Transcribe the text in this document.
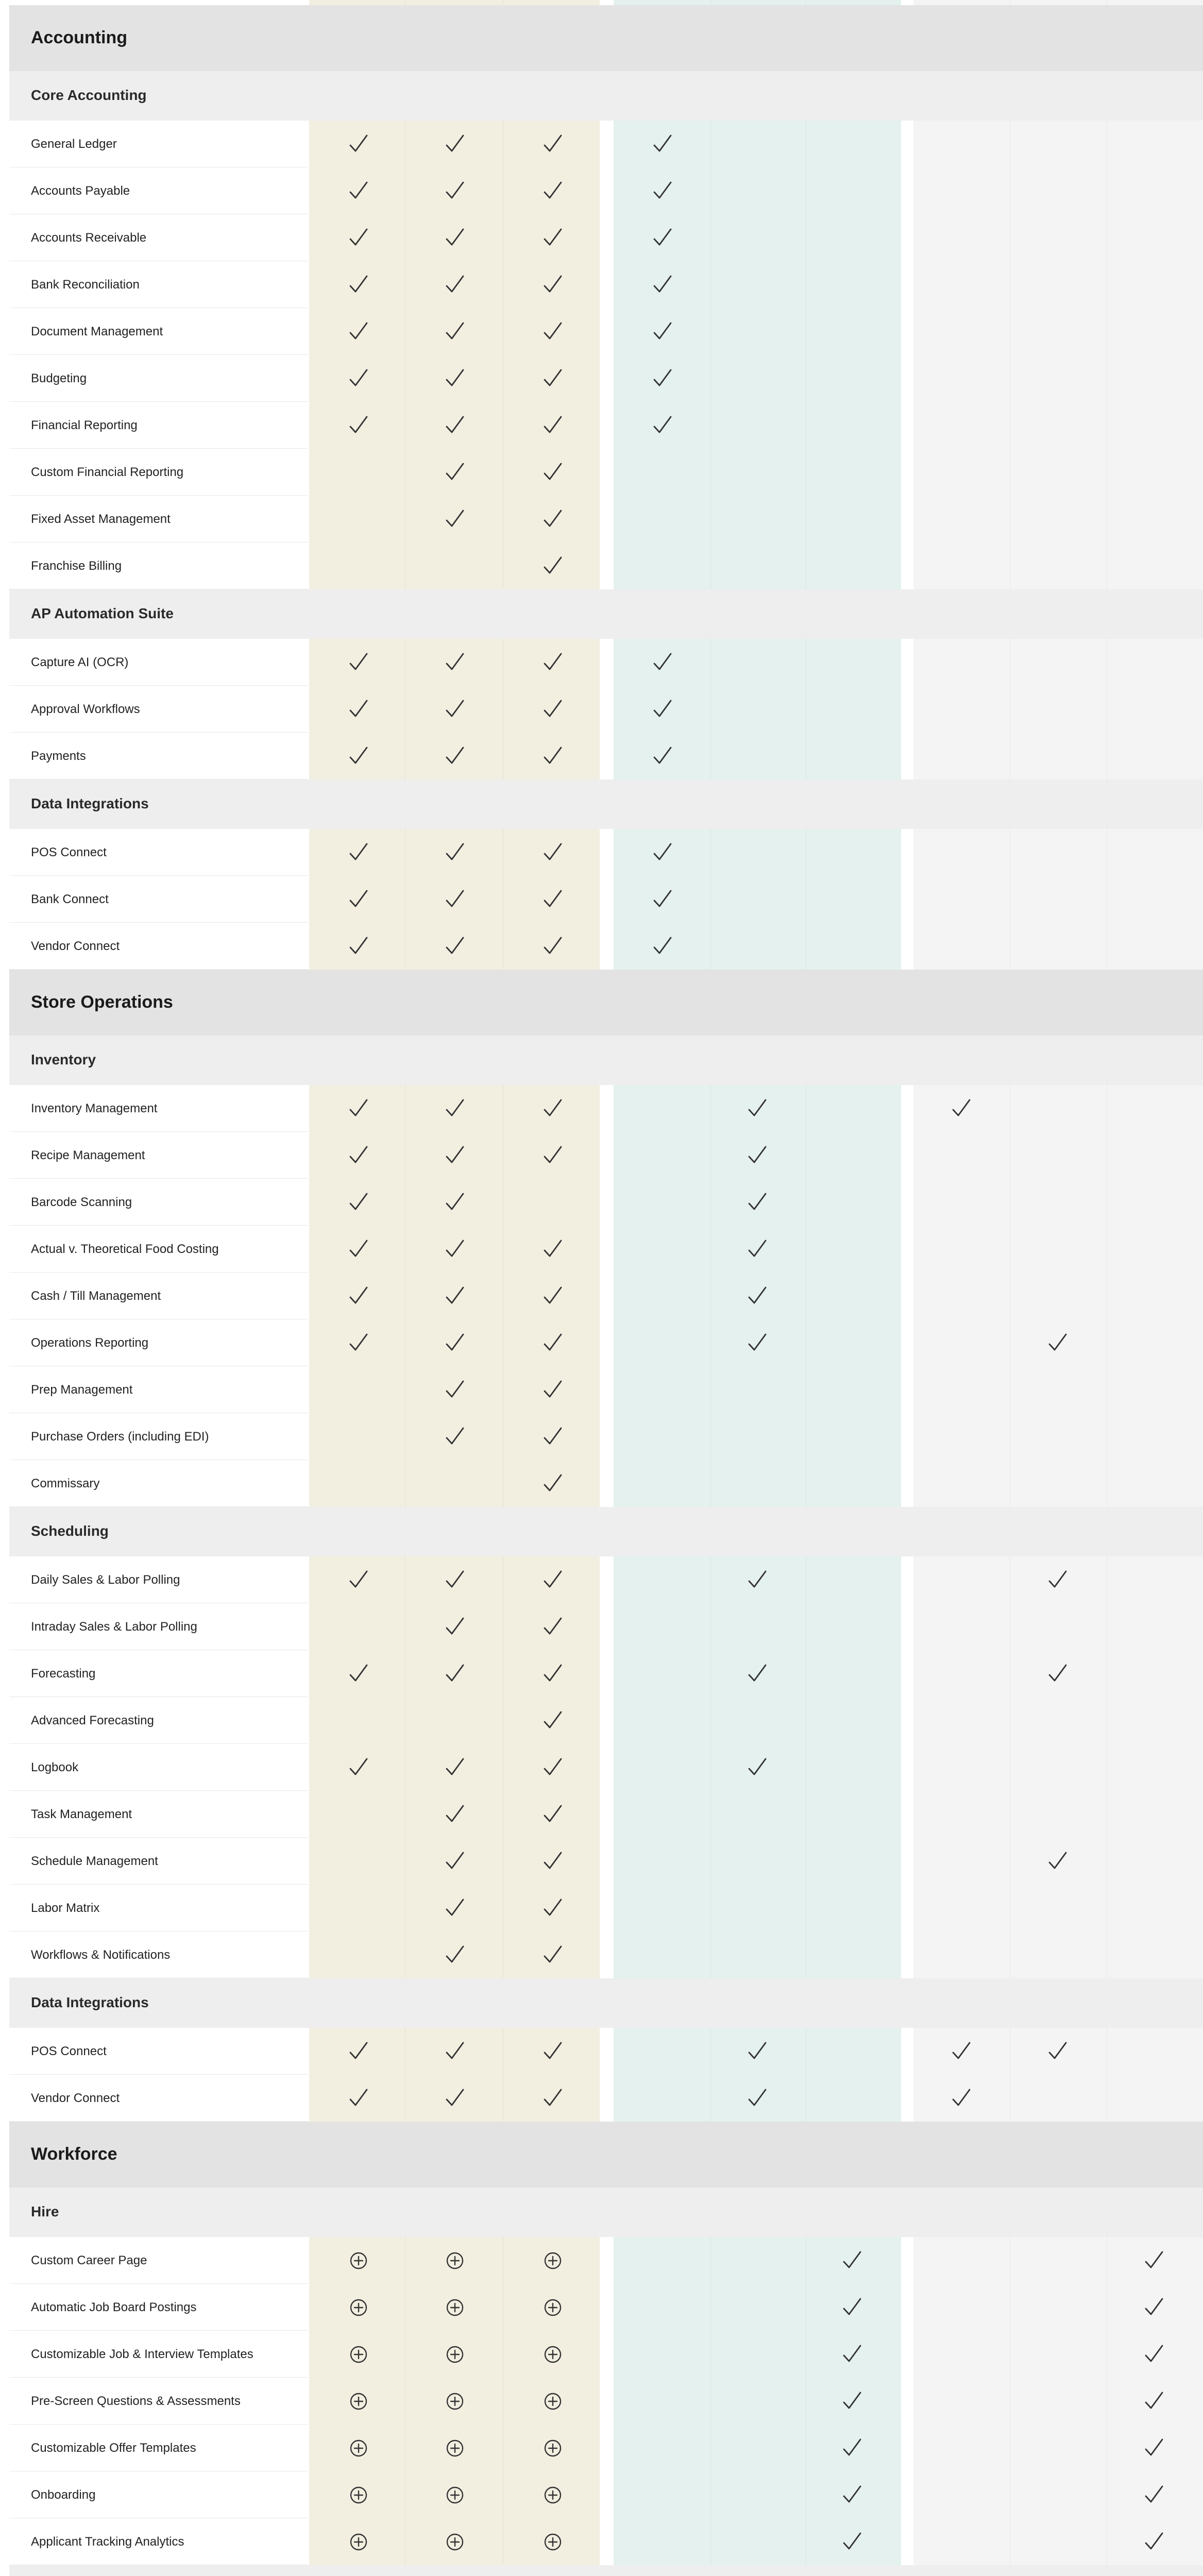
Accounting
Core Accounting
General Ledger
Accounts Payable
Accounts Receivable
Bank Reconciliation
Document Management
Budgeting
Financial Reporting
Custom Financial Reporting
Fixed Asset Management
Franchise Billing
AP Automation Suite
Capture AI (OCR)
Approval Workflows
Payments
Data Integrations
POS Connect
Bank Connect
Vendor Connect
Store Operations
Inventory
Inventory Management
Recipe Management
Barcode Scanning
Actual v. Theoretical Food Costing
Cash / Till Management
Operations Reporting
Prep Management
Purchase Orders (including EDI)
Commissary
Scheduling
Daily Sales & Labor Polling
Intraday Sales & Labor Polling
Forecasting
Advanced Forecasting
Logbook
Task Management
Schedule Management
Labor Matrix
Workflows & Notifications
Data Integrations
POS Connect
Vendor Connect
Workforce
Hire
Custom Career Page
Automatic Job Board Postings
Customizable Job & Interview Templates
Pre-Screen Questions & Assessments
Customizable Offer Templates
Onboarding
Applicant Tracking Analytics
